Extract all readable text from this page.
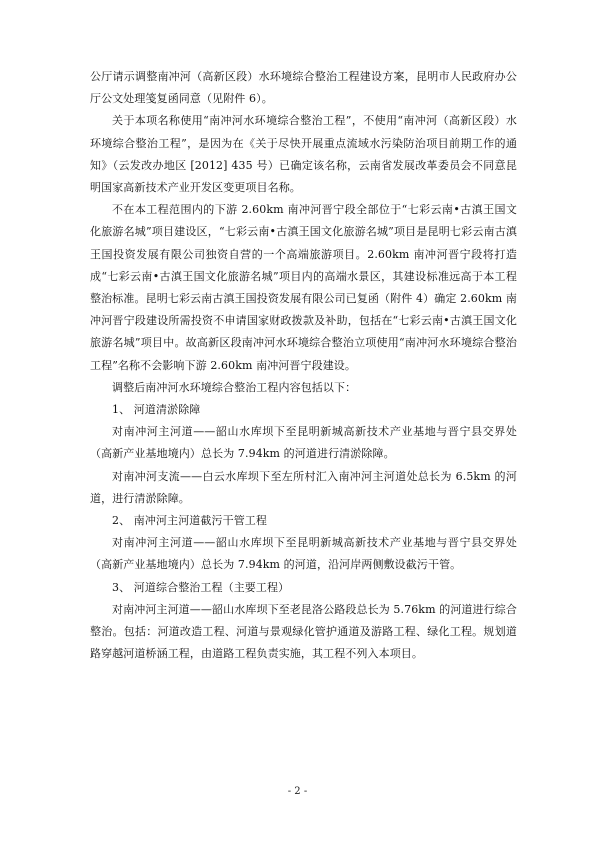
公厅请示调整南冲河（高新区段）水环境综合整治工程建设方案，昆明市人民政府办公厅公文处理笺复函同意（见附件 6）。

关于本项名称使用“南冲河水环境综合整治工程”，不使用“南冲河（高新区段）水环境综合整治工程”，是因为在《关于尽快开展重点流域水污染防治项目前期工作的通知》（云发改办地区 [2012] 435 号）已确定该名称，云南省发展改革委员会不同意昆明国家高新技术产业开发区变更项目名称。

不在本工程范围内的下游 2.60km 南冲河晋宁段全部位于“七彩云南•古滇王国文化旅游名城”项目建设区，“七彩云南•古滇王国文化旅游名城”项目是昆明七彩云南古滇王国投资发展有限公司独资自营的一个高端旅游项目。2.60km 南冲河晋宁段将打造成“七彩云南•古滇王国文化旅游名城”项目内的高端水景区，其建设标准远高于本工程整治标准。昆明七彩云南古滇王国投资发展有限公司已复函（附件 4）确定 2.60km 南冲河晋宁段建设所需投资不申请国家财政拨款及补助，包括在“七彩云南•古滇王国文化旅游名城”项目中。故高新区段南冲河水环境综合整治立项使用“南冲河水环境综合整治工程”名称不会影响下游 2.60km 南冲河晋宁段建设。

调整后南冲河水环境综合整治工程内容包括以下：

1、 河道清淤除障

对南冲河主河道——韶山水库坝下至昆明新城高新技术产业基地与晋宁县交界处（高新产业基地境内）总长为 7.94km 的河道进行清淤除障。

对南冲河支流——白云水库坝下至左所村汇入南冲河主河道处总长为 6.5km 的河道，进行清淤除障。

2、 南冲河主河道截污干管工程

对南冲河主河道——韶山水库坝下至昆明新城高新技术产业基地与晋宁县交界处（高新产业基地境内）总长为 7.94km 的河道，沿河岸两侧敷设截污干管。

3、 河道综合整治工程（主要工程）

对南冲河主河道——韶山水库坝下至老昆洛公路段总长为 5.76km 的河道进行综合整治。包括：河道改造工程、河道与景观绿化管护通道及游路工程、绿化工程。规划道路穿越河道桥涵工程，由道路工程负责实施，其工程不列入本项目。

- 2 -
